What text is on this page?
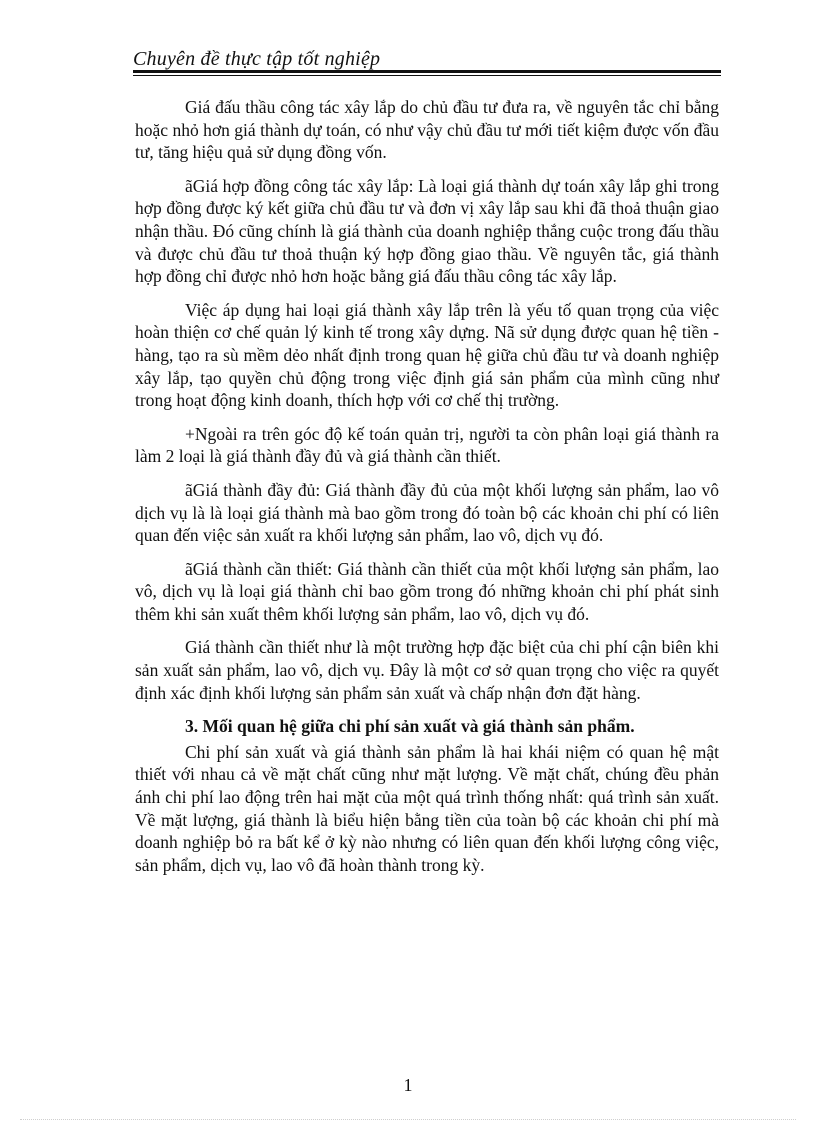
Chuyên đề thực tập tốt nghiệp

Giá đấu thầu công tác xây lắp do chủ đầu tư đưa ra, về nguyên tắc chỉ bằng hoặc nhỏ hơn giá thành dự toán, có như vậy chủ đầu tư mới tiết kiệm được vốn đầu tư, tăng hiệu quả sử dụng đồng vốn.

ãGiá hợp đồng công tác xây lắp: Là loại giá thành dự toán xây lắp ghi trong hợp đồng được ký kết giữa chủ đầu tư và đơn vị xây lắp sau khi đã thoả thuận giao nhận thầu. Đó cũng chính là giá thành của doanh nghiệp thắng cuộc trong đấu thầu và được chủ đầu tư thoả thuận ký hợp đồng giao thầu. Về nguyên tắc, giá thành hợp đồng chỉ được nhỏ hơn hoặc bằng giá đấu thầu công tác xây lắp.

Việc áp dụng hai loại giá thành xây lắp trên là yếu tố quan trọng của việc hoàn thiện cơ chế quản lý kinh tế trong xây dựng. Nã sử dụng được quan hệ tiền - hàng, tạo ra sù mềm dẻo nhất định trong quan hệ giữa chủ đầu tư và doanh nghiệp xây lắp, tạo quyền chủ động trong việc định giá sản phẩm của mình cũng như trong hoạt động kinh doanh, thích hợp với cơ chế thị trường.

+Ngoài ra trên góc độ kế toán quản trị, người ta còn phân loại giá thành ra làm 2 loại là giá thành đầy đủ và giá thành cần thiết.

ãGiá thành đầy đủ: Giá thành đầy đủ của một khối lượng sản phẩm, lao vô dịch vụ là là loại giá thành mà bao gồm trong đó toàn bộ các khoản chi phí có liên quan đến việc sản xuất ra khối lượng sản phẩm, lao vô, dịch vụ đó.

ãGiá thành cần thiết: Giá thành cần thiết của một khối lượng sản phẩm, lao vô, dịch vụ là loại giá thành chỉ bao gồm trong đó những khoản chi phí phát sinh thêm khi sản xuất thêm khối lượng sản phẩm, lao vô, dịch vụ đó.

Giá thành cần thiết như là một trường hợp đặc biệt của chi phí cận biên khi sản xuất sản phẩm, lao vô, dịch vụ. Đây là một cơ sở quan trọng cho việc ra quyết định xác định khối lượng sản phẩm sản xuất và chấp nhận đơn đặt hàng.

3. Mối quan hệ giữa chi phí sản xuất và giá thành sản phẩm.

Chi phí sản xuất và giá thành sản phẩm là hai khái niệm có quan hệ mật thiết với nhau cả về mặt chất cũng như mặt lượng. Về mặt chất, chúng đều phản ánh chi phí lao động trên hai mặt của một quá trình thống nhất: quá trình sản xuất. Về mặt lượng, giá thành là biểu hiện bằng tiền của toàn bộ các khoản chi phí mà doanh nghiệp bỏ ra bất kể ở kỳ nào nhưng có liên quan đến khối lượng công việc, sản phẩm, dịch vụ, lao vô đã hoàn thành trong kỳ.

1
